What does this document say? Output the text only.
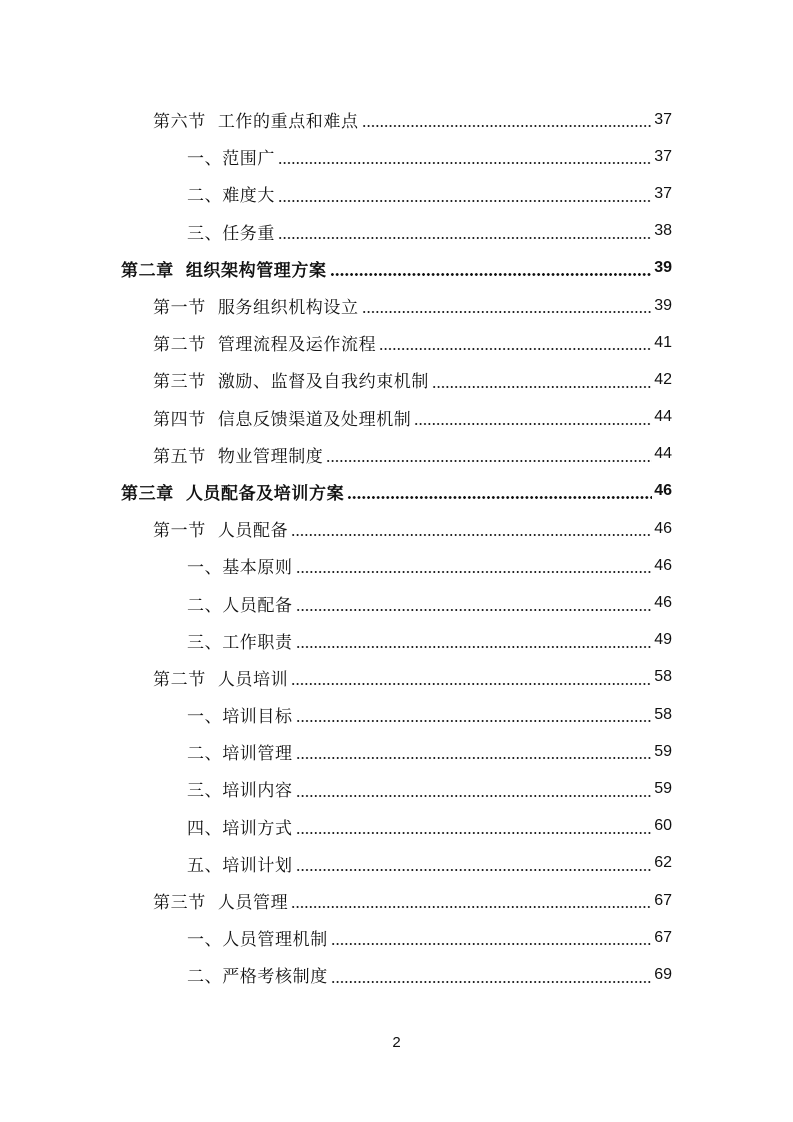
第六节 工作的重点和难点	37
一、范围广	37
二、难度大	37
三、任务重	38
第二章 组织架构管理方案	39
第一节 服务组织机构设立	39
第二节 管理流程及运作流程	41
第三节 激励、监督及自我约束机制	42
第四节 信息反馈渠道及处理机制	44
第五节 物业管理制度	44
第三章 人员配备及培训方案	46
第一节 人员配备	46
一、基本原则	46
二、人员配备	46
三、工作职责	49
第二节 人员培训	58
一、培训目标	58
二、培训管理	59
三、培训内容	59
四、培训方式	60
五、培训计划	62
第三节 人员管理	67
一、人员管理机制	67
二、严格考核制度	69
2
